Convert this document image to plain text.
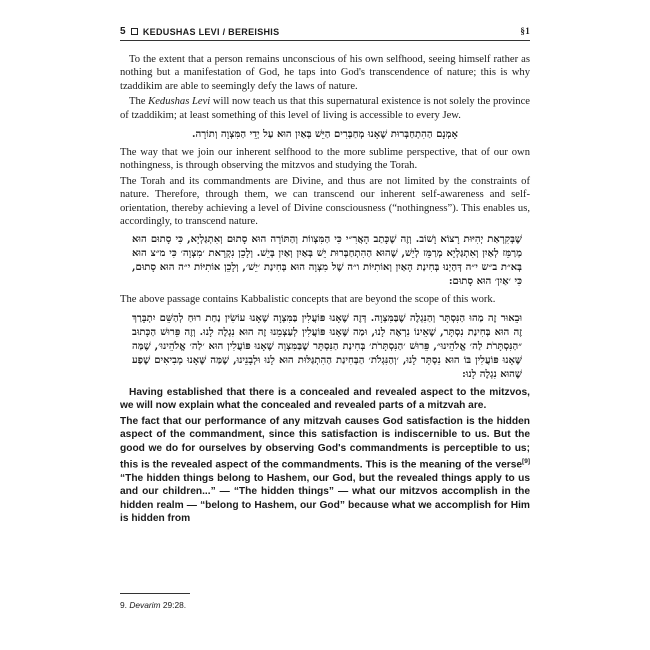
5 KEDUSHAS LEVI / BEREISHIS	§1

To the extent that a person remains unconscious of his own selfhood, seeing himself rather as nothing but a manifestation of God, he taps into God's transcendence of nature; this is why tzaddikim are able to seemingly defy the laws of nature.

The Kedushas Levi will now teach us that this supernatural existence is not solely the province of tzaddikim; at least something of this level of living is accessible to every Jew.

אָמְנָם הַהִתְחַבְּרוּת שֶׁאָנוּ מְחַבְּרִים הַיֵּשׁ בְּאַיִן הוּא עַל יְדֵי הַמִּצְוָה וְתוֹרָה.

The way that we join our inherent selfhood to the more sublime perspective, that of our own nothingness, is through observing the mitzvos and studying the Torah.

The Torah and its commandments are Divine, and thus are not limited by the constraints of nature. Therefore, through them, we can transcend our inherent self-awareness and self-orientation, thereby achieving a level of Divine consciousness (“nothingness”). This enables us, accordingly, to transcend nature.

שֶׁבְּקִרְאַת יְהִיּוּת רָצוֹא וָשׁוֹב. וְזֶה שֶׁכָּתַב הָאֲרִ״י כִּי הַמִּצְווֹת וְהַתּוֹרָה הוּא סָתוּם וְאִתְגַּלְיָא, כִּי סָתוּם הוּא מְרַמֵּז לְאַיִן וְאִתְגַּלְיָא מְרַמֵּז לְיֵשׁ, שֶׁהוּא הַהִתְחַבְּרוּת יֵשׁ בְּאַיִן וְאַיִן בְּיֵשׁ. וְלָכֵן נִקְרָאת ׳מִצְוָה׳ כִּי מ״צ הוּא בְּא״ת ב״ש י״ה דְּהַיְנוּ בְּחִינַת הָאַיִן וְאוֹתִיּוֹת ו״ה שֶׁל מִצְוָה הוּא בְּחִינַת ׳יֵשׁ׳, וְלָכֵן אוֹתִיּוֹת י״ה הוּא סָתוּם, כִּי ׳אַיִן׳ הוּא סָתוּם:

The above passage contains Kabbalistic concepts that are beyond the scope of this work.

וּבֵאוּר זֶה מַהוּ הַנִּסְתָּר וְהַנִּגְלֶה שֶׁבַּמִּצְוָה. דְּזֶה שֶׁאָנוּ פּוֹעֲלִין בַּמִּצְוָה שֶׁאָנוּ עוֹשִׂין נַחַת רוּחַ לְהַשֵּׁם יִתְבָּרַךְ זֶה הוּא בְּחִינַת נִסְתָּר, שֶׁאֵינוֹ נִרְאֶה לָנוּ, וּמַה שֶּׁאָנוּ פּוֹעֲלִין לְעַצְמֵנוּ זֶה הוּא נִגְלֶה לָנוּ. וְזֶה פֵּרוּשׁ הַכָּתוּב ״הַנִּסְתָּרֹת לַה׳ אֱלֹהֵינוּ״, פֵּרוּשׁ ׳הַנִּסְתָּרֹת׳ בְּחִינַת הַנִּסְתָּר שֶׁבַּמִּצְוָה שֶׁאָנוּ פּוֹעֲלִין הוּא ׳לַה׳ אֱלֹהֵינוּ׳, שֶׁמַּה שֶּׁאָנוּ פּוֹעֲלִין בּוֹ הוּא נִסְתָּר לָנוּ, ׳וְהַנִּגְלֹת׳ הַבְּחִינַת הַהִתְגַּלּוּת הוּא לָנוּ וּלְבָנֵינוּ, שֶׁמַּה שֶּׁאָנוּ מְבִיאִים שֶׁפַע שֶׁהוּא נִגְלֶה לָנוּ:

Having established that there is a concealed and revealed aspect to the mitzvos, we will now explain what the concealed and revealed parts of a mitzvah are.

The fact that our performance of any mitzvah causes God satisfaction is the hidden aspect of the commandment, since this satisfaction is indiscernible to us. But the good we do for ourselves by observing God's commandments is perceptible to us; this is the revealed aspect of the commandments. This is the meaning of the verse[9] “The hidden things belong to Hashem, our God, but the revealed things apply to us and our children...” — “The hidden things” — what our mitzvos accomplish in the hidden realm — “belong to Hashem, our God” because what we accomplish for Him is hidden from

9. Devarim 29:28.
